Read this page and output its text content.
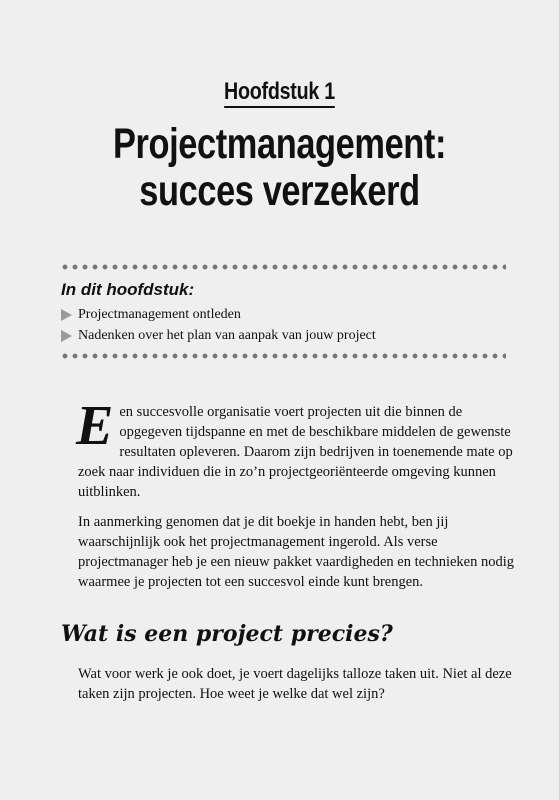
Hoofdstuk 1
Projectmanagement:
succes verzekerd
In dit hoofdstuk:
Projectmanagement ontleden
Nadenken over het plan van aanpak van jouw project

Een succesvolle organisatie voert projecten uit die binnen de opgegeven tijdspanne en met de beschikbare middelen de gewenste resultaten opleveren. Daarom zijn bedrijven in toenemende mate op zoek naar individuen die in zo’n projectgeoriënteerde omgeving kunnen uitblinken.

In aanmerking genomen dat je dit boekje in handen hebt, ben jij waarschijnlijk ook het projectmanagement ingerold. Als verse projectmanager heb je een nieuw pakket vaardigheden en technieken nodig waarmee je projecten tot een succesvol einde kunt brengen.

Wat is een project precies?

Wat voor werk je ook doet, je voert dagelijks talloze taken uit. Niet al deze taken zijn projecten. Hoe weet je welke dat wel zijn?
